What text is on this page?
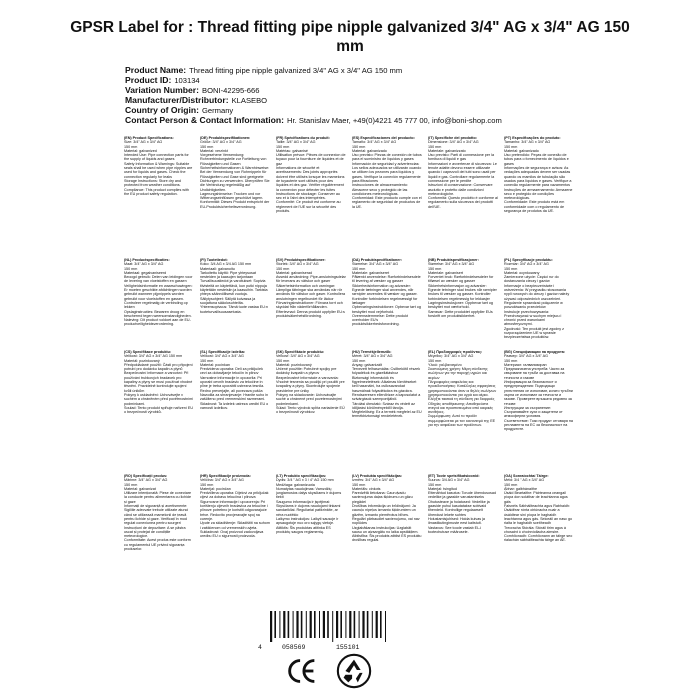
GPSR Label for : Thread fitting pipe nipple galvanized 3/4" AG x 3/4" AG 150 mm
Product Name: Thread fitting pipe nipple galvanized 3/4" AG x 3/4" AG 150 mm
Product ID: 103134
Variation Number: BONI-42295-666
Manufacturer/Distributor: KLASEBO
Country of Origin: Germany
Contact Person & Contact Information: Hr. Stanislav Maer, +49(0)4221 45 777 00, info@boni-shop.com
(EN) Product Specifications:
Size: 3/4" AG x 3/4" AG
150 mm
Material: galvanized
Intended Use: Pipe connection parts for the supply of liquids and gases
Safety Information & Warnings: Suitable seals shall be used when pipe nipples are used for liquids and gases. Check the connection regularly for leaks
Storage Instructions: Store dry and protected from weather conditions.
Compliance: This product complies with the EU product safety regulation.
(DE) Produktspezifikationen:
Größe: 3/4" AG x 3/4" AG
150 mm
Material: verzinkt
Vorgesehene Verwendung: Rohrverbindungsteile zur Fortleitung von Flüssigkeiten und Gasen
Sicherheitsinformationen & Warnhinweise: Bei der Verwendung von Rohrnippeln für Flüssigkeiten und Gase sind geeignete Dichtungen zu verwenden. Überprüfen Sie die Verbindung regelmäßig auf Undichtigkeiten.
Lagerungshinweise: Trocken und vor Witterungseinflüssen geschützt lagern.
Konformität: Dieses Produkt entspricht der EU-Produktsicherheitsverordnung.
(FR) Spécifications du produit:
Taille: 3/4" AG x 3/4" AG
150 mm
Matériau: galvanisé
Utilisation prévue: Pièces de connexion de tuyaux pour la fourniture de liquides et de gaz
Informations de sécurité et avertissements: Des joints appropriés doivent être utilisés lorsque les mamelons de tuyauterie sont utilisés pour des liquides et des gaz. Vérifier régulièrement la connexion pour détecter les fuites
Instructions de stockage: Conserver au sec et à l'abri des intempéries.
Conformité: Ce produit est conforme au règlement de l'UE sur la sécurité des produits.
(ES) Especificaciones del producto:
Tamaño: 3/4" AG x 3/4" AG
150 mm
Material: galvanizado
Uso previsto: Piezas de conexión de tubos para el suministro de líquidos y gases
Información de seguridad y advertencias: Los sellos adecuados se utilizarán cuando se utilicen los pezones para líquidos y gases. Verifique la conexión regularmente para filtraciones
Instrucciones de almacenamiento: Almacene seco y protegido de las condiciones meteorológicas.
Conformidad: Este producto cumple con el reglamento de seguridad de productos de la UE.
(IT) Specifiche del prodotto:
Dimensione: 3/4" AG x 3/4" AG
150 mm
Materiale: galvanizzato
Uso previsto: Parti di connessione per la fornitura di liquidi e gas
Informazioni e avvertenze di sicurezza: Le tenute adatte devono essere utilizzate quando i capezzoli dei tubi sono usati per liquidi e gas. Controllare regolarmente la connessione per le perdite
Istruzioni di conservazione: Conservare asciutto e protetto dalle condizioni meteorologiche.
Conformità: Questo prodotto è conforme al regolamento sulla sicurezza dei prodotti dell'UE.
(PT) Especificações do produto:
Tamanho: 3/4" AG x 3/4" AG
150 mm
Material: galvanizado
Uso pretendido: Peças de conexão de tubos para o fornecimento de líquidos e gases
Informações de segurança e avisos: As vedações adequadas devem ser usadas quando os mamilos de tubulação são usados para líquidos e gases. Verifique a conexão regularmente para vazamentos
Instruções de armazenamento: Armazene seco e protegido de condições meteorológicas.
Conformidade: Este produto está em conformidade com o regulamento de segurança de produtos da UE.
(NL) Productspecificaties:
Maat: 3/4" AG x 3/4" AG
150 mm
Materiaal: gegalvaniseerd
Beoogd gebruik: Delen van leidingen voor de levering van vloeistoffen en gassen
Veiligheidsinformatie en waarschuwingen: Er moeten geschikte afdichtingen worden gebruikt wanneer pijpnippels worden gebruikt voor vloeistoffen en gassen. Controleer regelmatig de verbinding op lekken
Opslaginstructies: Bewaren droog en beschermd tegen weersomstandigheden.
Naleving: Dit product voldoet aan de EU-productveiligheidsverordening.
(FI) Tuotetiedot:
Koko: 3/4 AG x 3/4 AG 150 mm
Materiaali: galvanoitu
Tarkoitettu käyttö: Pipe yhteysosat nesteiden ja kaasujen tarjontaan
Turvallisuustiedot ja varoitukset: Sopivia tiivisteitä on käytettävä, kun putki nippuja käytetään nesteisiin ja kaasuihin. Tarkista yhteys säännöllisesti vuotoja.
Säilytysohjeet: Säilytä kuivassa ja suojattuna sääolosuhteilta.
Yhteensopivuus: Tämä tuote vastaa EU:n tuoteturvallisuusasetusta.
(SV) Produktspecifikationer:
Storlek: 3/4" AG x 3/4" AG
150 mm
Material: galvaniserad
Avsedd användning: Pipe-anslutningsdelar för leverans av vätskor och gaser
Säkerhetsinformation och varningar: Lämpliga tätningar ska användas när rör används för vätskor och gaser. Kontrollera anslutningen regelbundet för läckor
Förvaringsinstruktioner: Förvara torrt och skyddat från väderförhållanden.
Efterlevnad: Denna produkt uppfyller EU:s produktsäkerhetsförordning.
(DA) Produktspecifikationer:
Størrelse: 3/4" AG x 3/4" AG
150 mm
Materiale: galvaniseret
Påtænkt anvendelse: Rørforbindelsesdele til levering af væsker og gasser
Sikkerhedsinformation og advarsler: Egnede tætninger skal anvendes, når rørnipler anvendes til væsker og gasser. Kontroller forbindelsen regelmæssigt for lækager
Opbevaringsinstruktioner: Opbevar tørt og beskyttet mod vejrforhold.
Overensstemmelse: Dette produkt overholder EU's produktsikkerhedsforordning.
(NB) Produktspesifikasjoner:
Størrelse: 3/4" AG x 3/4" AG
150 mm
Materiale: galvanisert
Forventet bruk: Rørforbindelsesdeler for tilførsel av væsker og gasser
Sikkerhetsinformasjon og advarsler: Egnede tetninger skal brukes når rørnipler brukes til væsker og gasser. Kontroller forbindelsen regelmessig for lekkasjer
Lagringsinstruksjoner: Oppbevar tørt og beskyttet mot værforhold.
Samsvar: Dette produktet oppfyller EUs forskrift om produktsikkerhet.
(PL) Specyfikacje produktu:
Rozmiar: 3/4" AG x 3/4" AG
150 mm
Materiał: ocynkowany
Zamierzone użycie: Części rur do dostarczania cieczy i gazów
Informacje o bezpieczeństwie i ostrzeżenia: W przypadku stosowania nypli rurowych do cieczy i gazów należy używać odpowiednich uszczelnień. Regularnie sprawdzać połączenie w poszukiwaniu przecieków
Instrukcje przechowywania: Przechowywać w suchym miejscu i chronić przed warunkami atmosferycznymi.
Zgodność: Ten produkt jest zgodny z rozporządzeniem UE w sprawie bezpieczeństwa produktów.
(CS) Specifikace produktu:
Velikost: 3/4" AG x 3/4" AG 150 mm
Materiál: pozinkovaný
Předpokládané použití: Části pro připojení potrubí pro dodávku kapalin a plynů
Bezpečnostní informace a varování: Při používání trubkových bradavek pro kapaliny a plyny se musí používat vhodné těsnění. Pravidelně kontrolujte spojení kvůli únikům
Pokyny k uskladnění: Uchovávejte v suchém a chráněném před povětrnostními podmínkami.
Soulad: Tento produkt splňuje nařízení EU o bezpečnosti výrobků.
(SL) Specifikacije izdelka:
Velikost: 3/4" AG x 3/4" AG
150 mm
Material: pocinkan
Predvidena uporaba: Deli za priključek cevi za dobavljanje tekočin in plinov
Varnostne informacije in opozorila: Pri uporabi cevnih bradavic za tekočine in pline je treba uporabiti ustrezna tesnila. Redno preverjajte, ali povezava pušča
Navodila za shranjevanje: Hranite suho in zaščiteno pred vremenskimi razmerami.
Skladnost: Ta izdelek ustreza uredbi EU o varnosti izdelkov.
(SK) Špecifikácie produktu:
Veľkosť: 3/4" AG x 3/4" AG
150 mm
Materiál: pozinkovaný
Určené použitie: Potrubné spojky pre dodávky kvapalín a plynov
Bezpečnostné informácie a varovania: Vhodné tesnenia sa použijú pri použití pre kvapaliny a plyny. Skontrolujte spojenie pravidelne pre úniky
Pokyny na skladovanie: Uchovávajte suché a chránené pred poveternostnými podmienkami.
Súlad: Tento výrobok spĺňa nariadenie EÚ o bezpečnosti výrobkov.
(HU) Termékjellemzők:
Méret: 3/4" AG x 3/4" AG
150 mm
Anyag: galvanizált
Tervezett felhasználás: Csőbekötő részek folyadékok és gázellátáshoz
Biztonsági információk és figyelmeztetések: Alkalmas tömítéseket kell használni, ha csőcsavarokat használnak folyadékokra és gázokra. Rendszeresen ellenőrizze a kapcsolatot a szivárgások szempontjából.
Tárolási útmutató: Száraz és védett az időjárási körülményektől tárolja.
Megfelelőség: Ez a termék megfelel az EU termékbiztonsági rendeletének.
(EL) Προδιαγραφές προϊόντος:
Μέγεθος: 3/4" AG x 3/4" AG
150 mm
Υλικό: γαλβανισμένο
Σκοπούμενη χρήση: Μέρη σύνδεσης σωλήνων για την παροχή υγρών και αερίων
Πληροφορίες ασφαλείας και προειδοποιήσεις: Κατάλληλες σφραγίσεις χρησιμοποιούνται όταν οι θηλές σωλήνων χρησιμοποιούνται για υγρά και αέρια. Ελέγξτε τακτικά τη σύνδεση για διαρροές
Οδηγίες αποθήκευσης: Αποθηκεύστε στεγνά και προστατευμένα από καιρικές συνθήκες.
Συμμόρφωση: Αυτό το προϊόν συμμορφώνεται με τον κανονισμό της ΕΕ για την ασφάλεια των προϊόντων.
(BG) Спецификации на продукта:
Размер: 3/4" AG x 3/4" AG
150 mm
Материал: галванизиран
Предназначена употреба: Части за свързване на тръби за доставка на течности и газове
Информация за безопасност и предупреждения: Подходящи уплътнения се използват, когато тръбни зърна се използват за течности и газове. Проверете връзката редовно за течове
Инструкции за съхранение: Съхранявайте сухи и защитени от атмосферни условия.
Съответствие: Този продукт отговаря на регламента на ЕС за безопасност на продуктите.
(RO) Specificații produs:
Mărime: 3/4" AG x 3/4" AG
150 mm
Material: galvanizat
Utilizare intenționată: Piese de conectare la conducte pentru alimentarea cu lichide și gaze
Informații de siguranță și avertismente: Sigiliile adecvate trebuie utilizate atunci când se utilizează mamelonii de țeavă pentru lichide și gaze. Verificați în mod regulat conexiunea pentru scurgeri
Instrucțiuni de depozitare: A se păstra uscat și protejat de condițiile meteorologice.
Conformitate: Acest produs este conform cu regulamentul UE privind siguranța produselor.
(HR) Specifikacije proizvoda:
Veličina: 3/4" AG x 3/4" AG
150 mm
Materijal: pocinčan
Predviđena uporaba: Dijelovi za priključak cijevi za dobavu tekućina i plinova
Sigurnosne informacije i upozorenja: Pri korištenju cijevnih bradavica za tekućine i plinove potrebno je koristiti odgovarajuće brtve. Redovito provjeravajte spoj na curenje.
Upute za skladištenje: Skladištiti na suhom i zaštićenom od vremenskih uvjeta.
Sukladnost: Ovaj proizvod zadovoljava uredbu EU o sigurnosti proizvoda.
(LT) Produkto specifikacijos:
Dydis: 3/4 " AG x 3 / 4" AG 150 mm
Medžiaga: galvanizuota
Numatytas naudojimas: Vamzdžių jungiamosios dalys skysčiams ir dujoms tiekti
Saugumo informacija ir įspėjimai: Skysčiams ir dujoms naudojami tinkami sandarikliai. Reguliariai patikrinkite, ar nėra nuotėkio
Laikymo instrukcijos: Laikyti sausoje ir apsaugotoje nuo oro sąlygų vietoje.
Atitiktis: Šis produktas atitinka ES produktų saugos reglamentą.
(LV) Produkta specifikācijas:
Izmērs: 3/4" AG x 3/4" AG
150 mm
Materiāls: cinkots
Paredzētā lietošana: Cauruļvadu savienojuma daļas šķidrumu un gāzu piegādei
Drošības informācija un brīdinājumi: Ja cauruļu nipeļus izmanto šķidrumiem un gāzēm, izmanto piemērotus blīves. Regulāri pārbaudiet savienojumu, vai nav noplūdes
Uzglabāšanas instrukcijas: Uzglabāt sausu un aizsargātu no laika apstākļiem.
Atbilstība: Šis produkts atbilst ES produktu drošības regulai.
(ET) Toote spetsifikatsioonid:
Suurus: 3/4 AG x 3/4" AG
150 mm
Materjal: tsingitud
Ettenähtud kasutus: Torude ühendusosad vedelike ja gaaside varustamiseks
Ohutusteave ja hoiatused: Vedelike ja gaaside puhul kasutatakse sobivaid tihendeid. Kontrollige regulaarselt ühendust lekete suhtes
Hoiustamisjuhised: Hoida kuivas ja ilmastikutingimuste eest kaitstult.
Vastavus: See toode vastab EL-i tooteohutuse määrusele.
(GA) Sonraíochtaí Táirge:
Méid: 3/4 " AG x 3/4" AG
150 mm
Ábhar: galbhánaithe
Úsáid Beartaithe: Páirteanna ceangail píopa don soláthar de leachtanna agus gáis
Faisnéis Sábháilteachta agus Rabhaidh: Úsáidfear rónta oiriúnacha nuair a úsáidtear siní píopa le haghaidh leachtanna agus gás. Seiceáil an nasc go rialta le haghaidh sceitheadh
Treoracha Stórála: Stóráil tirim agus á chosaint ó choinníollacha aimsire.
Comhlíonadh: Comhlíonann an táirge seo rialachán sábháilteachta táirge an AE.
4	058569	155101
